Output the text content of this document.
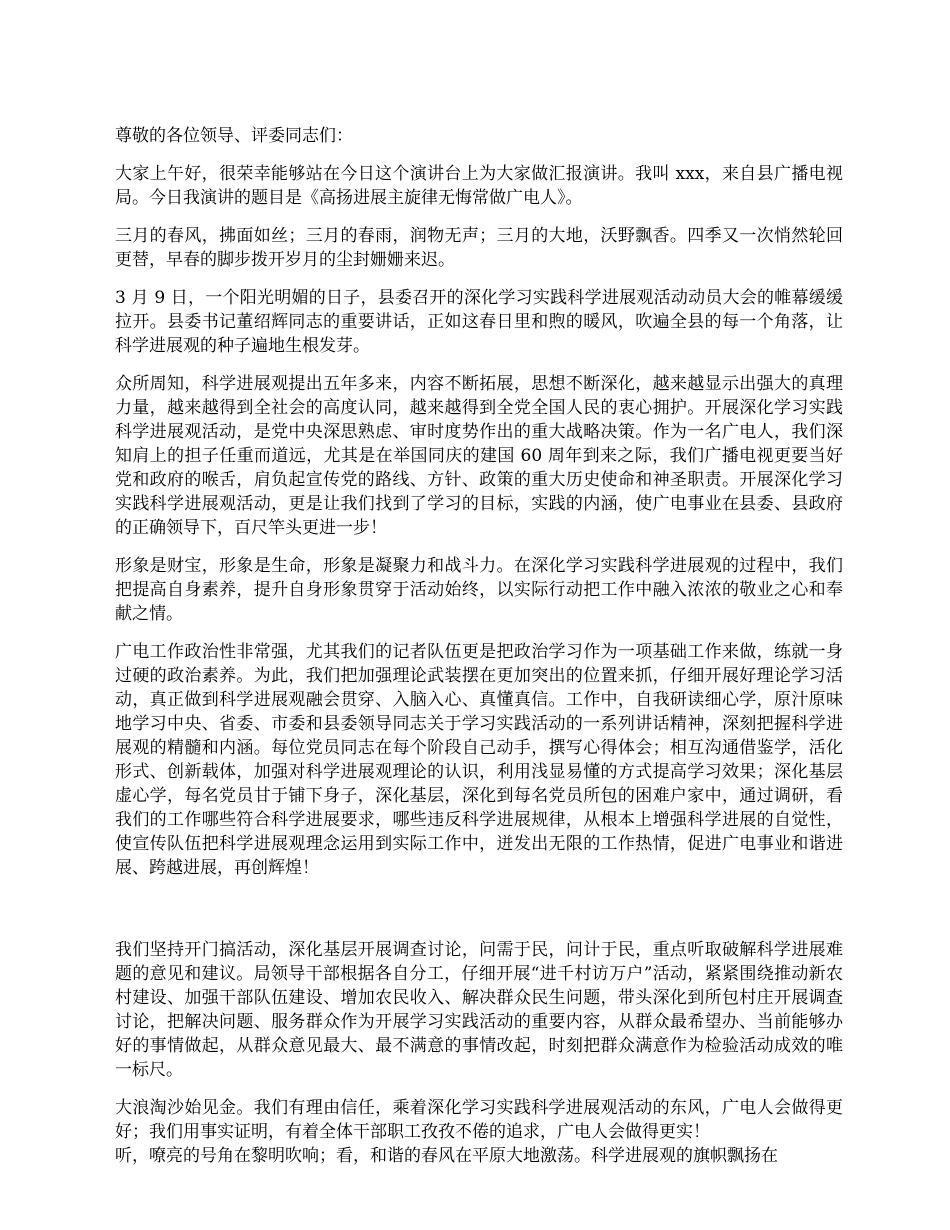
尊敬的各位领导、评委同志们：

大家上午好，很荣幸能够站在今日这个演讲台上为大家做汇报演讲。我叫 xxx，来自县广播电视局。今日我演讲的题目是《高扬进展主旋律无悔常做广电人》。

三月的春风，拂面如丝；三月的春雨，润物无声；三月的大地，沃野飘香。四季又一次悄然轮回更替，早春的脚步拨开岁月的尘封姗姗来迟。

3 月 9 日，一个阳光明媚的日子，县委召开的深化学习实践科学进展观活动动员大会的帷幕缓缓拉开。县委书记董绍辉同志的重要讲话，正如这春日里和煦的暖风，吹遍全县的每一个角落，让科学进展观的种子遍地生根发芽。

众所周知，科学进展观提出五年多来，内容不断拓展，思想不断深化，越来越显示出强大的真理力量，越来越得到全社会的高度认同，越来越得到全党全国人民的衷心拥护。开展深化学习实践科学进展观活动，是党中央深思熟虑、审时度势作出的重大战略决策。作为一名广电人，我们深知肩上的担子任重而道远，尤其是在举国同庆的建国 60 周年到来之际，我们广播电视更要当好党和政府的喉舌，肩负起宣传党的路线、方针、政策的重大历史使命和神圣职责。开展深化学习实践科学进展观活动，更是让我们找到了学习的目标，实践的内涵，使广电事业在县委、县政府的正确领导下，百尺竿头更进一步！

形象是财宝，形象是生命，形象是凝聚力和战斗力。在深化学习实践科学进展观的过程中，我们把提高自身素养，提升自身形象贯穿于活动始终，以实际行动把工作中融入浓浓的敬业之心和奉献之情。

广电工作政治性非常强，尤其我们的记者队伍更是把政治学习作为一项基础工作来做，练就一身过硬的政治素养。为此，我们把加强理论武装摆在更加突出的位置来抓，仔细开展好理论学习活动，真正做到科学进展观融会贯穿、入脑入心、真懂真信。工作中，自我研读细心学，原汁原味地学习中央、省委、市委和县委领导同志关于学习实践活动的一系列讲话精神，深刻把握科学进展观的精髓和内涵。每位党员同志在每个阶段自己动手，撰写心得体会；相互沟通借鉴学，活化形式、创新载体，加强对科学进展观理论的认识，利用浅显易懂的方式提高学习效果；深化基层虚心学，每名党员甘于铺下身子，深化基层，深化到每名党员所包的困难户家中，通过调研，看我们的工作哪些符合科学进展要求，哪些违反科学进展规律，从根本上增强科学进展的自觉性，使宣传队伍把科学进展观理念运用到实际工作中，迸发出无限的工作热情，促进广电事业和谐进展、跨越进展，再创辉煌！

我们坚持开门搞活动，深化基层开展调查讨论，问需于民，问计于民，重点听取破解科学进展难题的意见和建议。局领导干部根据各自分工，仔细开展“进千村访万户”活动，紧紧围绕推动新农村建设、加强干部队伍建设、增加农民收入、解决群众民生问题，带头深化到所包村庄开展调查讨论，把解决问题、服务群众作为开展学习实践活动的重要内容，从群众最希望办、当前能够办好的事情做起，从群众意见最大、最不满意的事情改起，时刻把群众满意作为检验活动成效的唯一标尺。

大浪淘沙始见金。我们有理由信任，乘着深化学习实践科学进展观活动的东风，广电人会做得更好；我们用事实证明，有着全体干部职工孜孜不倦的追求，广电人会做得更实！

听，嘹亮的号角在黎明吹响；看，和谐的春风在平原大地激荡。科学进展观的旗帜飘扬在
